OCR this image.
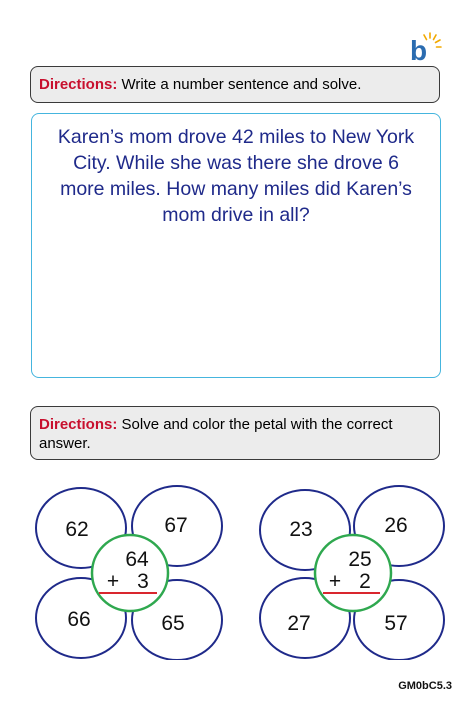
b
Directions: Write a number sentence and solve.
Karen’s mom drove 42 miles to New York
City. While she was there she drove 6
more miles. How many miles did Karen’s
mom drive in all?
Directions: Solve and color the petal with the correct answer.
62	67
66	65
64
+ 3
23	26
27	57
25
+ 2
GM0bC5.3
